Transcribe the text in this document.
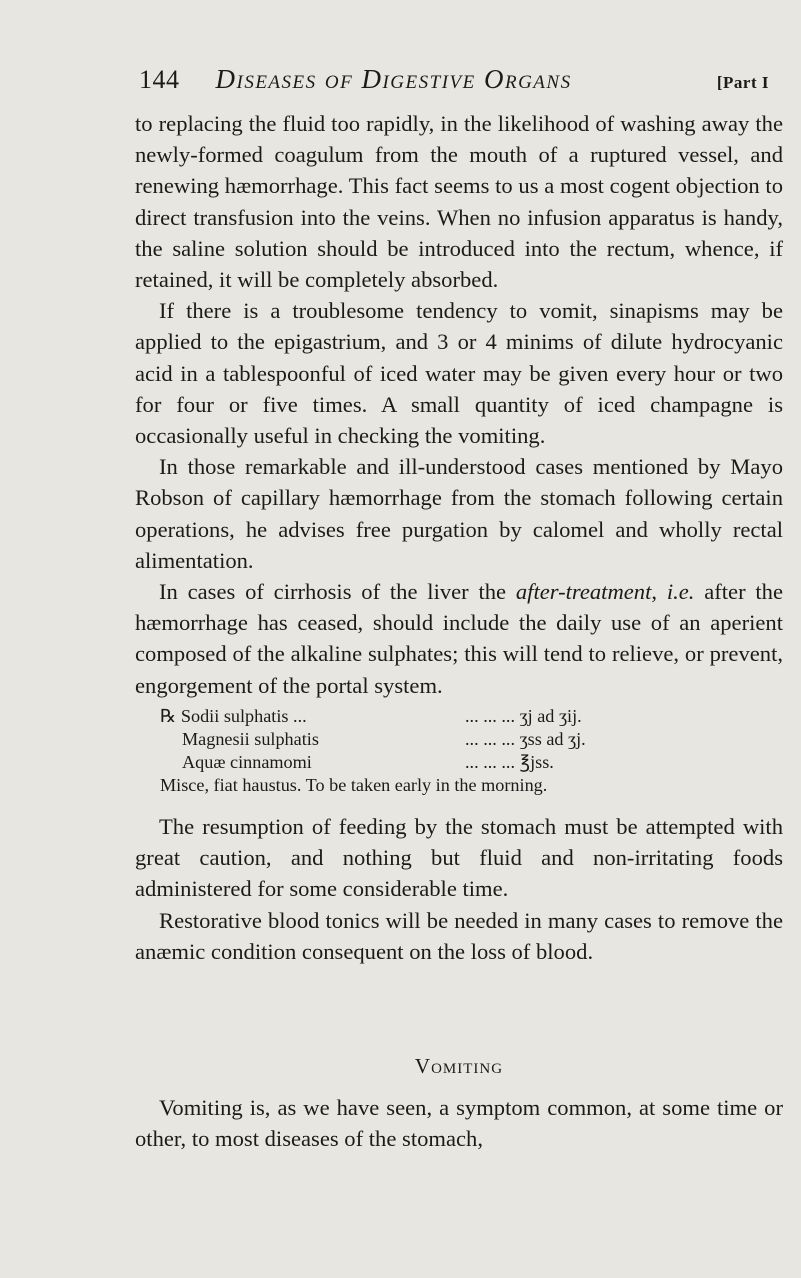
144 Diseases of Digestive Organs	[Part I

to replacing the fluid too rapidly, in the likelihood of washing away the newly-formed coagulum from the mouth of a ruptured vessel, and renewing hæmorrhage. This fact seems to us a most cogent objection to direct transfusion into the veins. When no infusion apparatus is handy, the saline solution should be introduced into the rectum, whence, if retained, it will be completely absorbed.

If there is a troublesome tendency to vomit, sinapisms may be applied to the epigastrium, and 3 or 4 minims of dilute hydrocyanic acid in a tablespoonful of iced water may be given every hour or two for four or five times. A small quantity of iced champagne is occasionally useful in checking the vomiting.

In those remarkable and ill-understood cases mentioned by Mayo Robson of capillary hæmorrhage from the stomach following certain operations, he advises free purgation by calomel and wholly rectal alimentation.

In cases of cirrhosis of the liver the after-treatment, i.e. after the hæmorrhage has ceased, should include the daily use of an aperient composed of the alkaline sulphates; this will tend to relieve, or prevent, engorgement of the portal system.

℞ Sodii sulphatis ...	... ... ... ʒj ad ʒij.
Magnesii sulphatis	... ... ... ʒss ad ʒj.
Aquæ cinnamomi	... ... ... ℥jss.
Misce, fiat haustus. To be taken early in the morning.

The resumption of feeding by the stomach must be attempted with great caution, and nothing but fluid and non-irritating foods administered for some considerable time.

Restorative blood tonics will be needed in many cases to remove the anæmic condition consequent on the loss of blood.

Vomiting

Vomiting is, as we have seen, a symptom common, at some time or other, to most diseases of the stomach,
